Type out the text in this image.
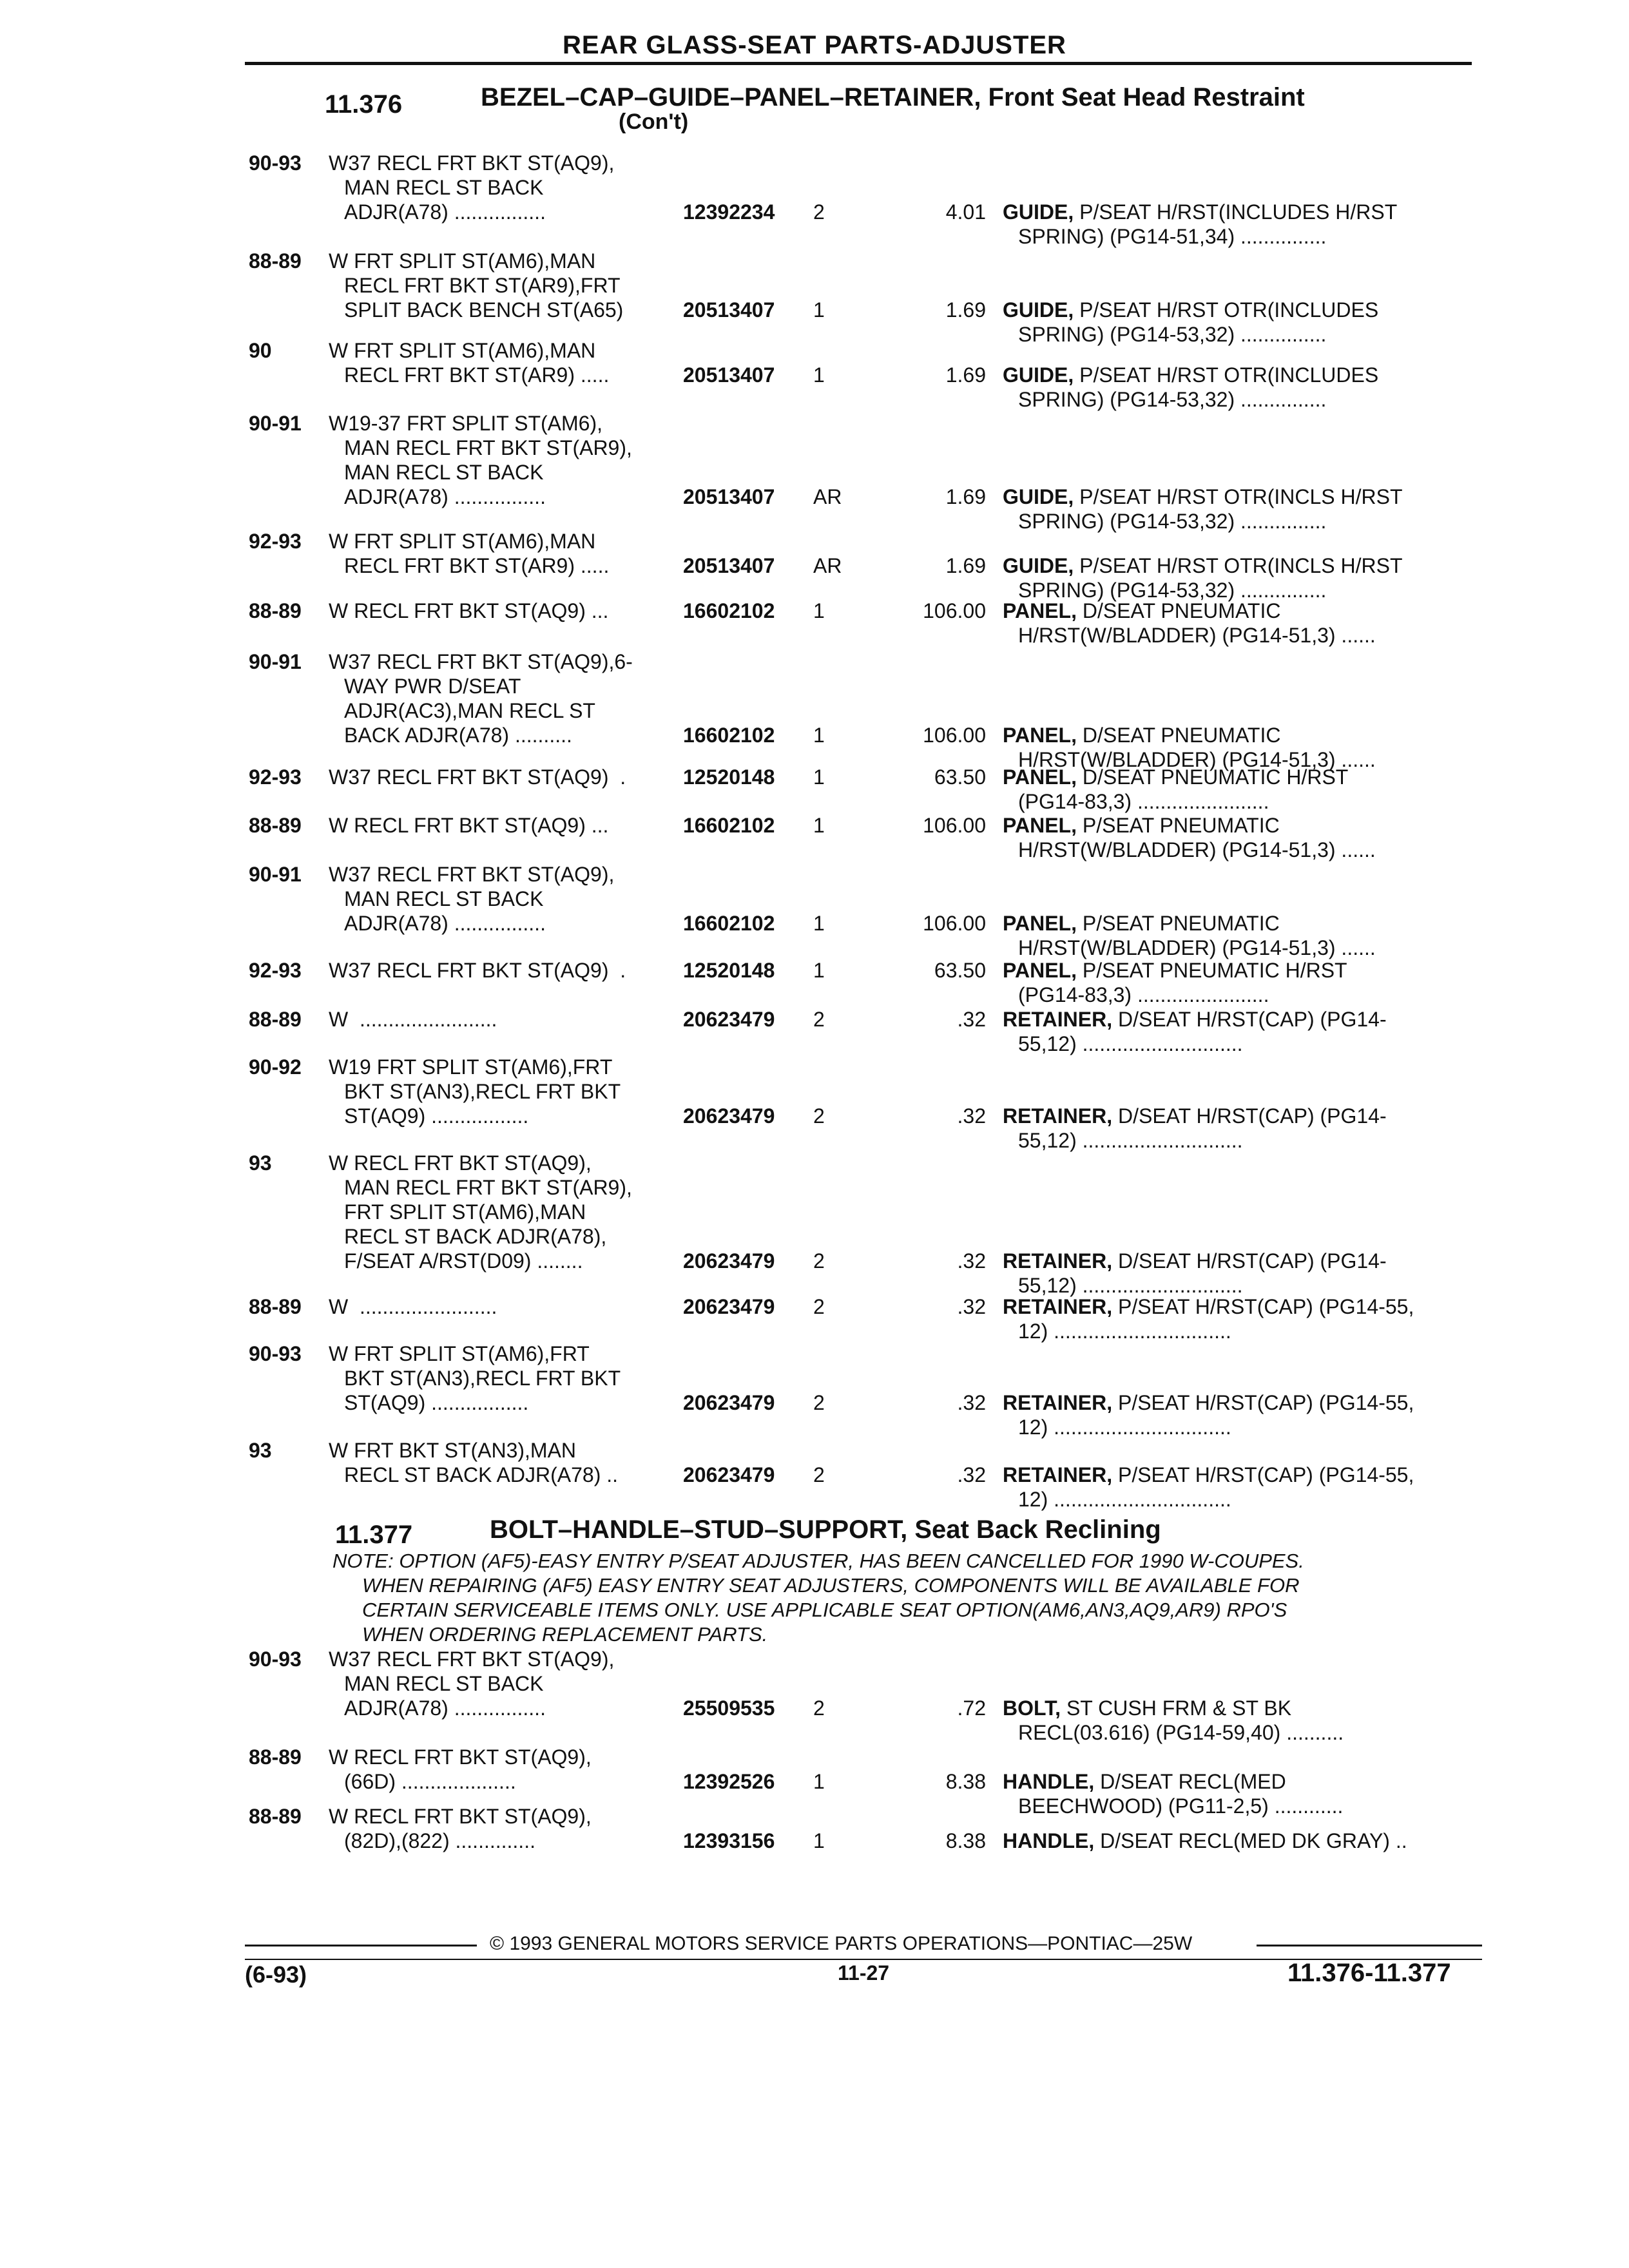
REAR GLASS-SEAT PARTS-ADJUSTER
11.376	BEZEL–CAP–GUIDE–PANEL–RETAINER, Front Seat Head Restraint
(Con't)
90-93 W37 RECL FRT BKT ST(AQ9),
MAN RECL ST BACK
ADJR(A78) ................	12392234	2	4.01 GUIDE, P/SEAT H/RST(INCLUDES H/RST
SPRING) (PG14-51,34) ...............
88-89 W FRT SPLIT ST(AM6),MAN
RECL FRT BKT ST(AR9),FRT
SPLIT BACK BENCH ST(A65)	20513407	1	1.69 GUIDE, P/SEAT H/RST OTR(INCLUDES
SPRING) (PG14-53,32) ...............
90	W FRT SPLIT ST(AM6),MAN
RECL FRT BKT ST(AR9) .....	20513407	1	1.69 GUIDE, P/SEAT H/RST OTR(INCLUDES
SPRING) (PG14-53,32) ...............
90-91 W19-37 FRT SPLIT ST(AM6),
MAN RECL FRT BKT ST(AR9),
MAN RECL ST BACK
ADJR(A78) ................	20513407	AR	1.69 GUIDE, P/SEAT H/RST OTR(INCLS H/RST
SPRING) (PG14-53,32) ...............
92-93 W FRT SPLIT ST(AM6),MAN
RECL FRT BKT ST(AR9) .....	20513407	AR	1.69 GUIDE, P/SEAT H/RST OTR(INCLS H/RST
SPRING) (PG14-53,32) ...............
88-89 W RECL FRT BKT ST(AQ9) ...	16602102	1	106.00 PANEL, D/SEAT PNEUMATIC
H/RST(W/BLADDER) (PG14-51,3) ......
90-91 W37 RECL FRT BKT ST(AQ9),6-
WAY PWR D/SEAT
ADJR(AC3),MAN RECL ST
BACK ADJR(A78) ..........	16602102	1	106.00 PANEL, D/SEAT PNEUMATIC
H/RST(W/BLADDER) (PG14-51,3) ......
92-93 W37 RECL FRT BKT ST(AQ9)  .	12520148	1	63.50 PANEL, D/SEAT PNEUMATIC H/RST
(PG14-83,3) .......................
88-89 W RECL FRT BKT ST(AQ9) ...	16602102	1	106.00 PANEL, P/SEAT PNEUMATIC
H/RST(W/BLADDER) (PG14-51,3) ......
90-91 W37 RECL FRT BKT ST(AQ9),
MAN RECL ST BACK
ADJR(A78) ................	16602102	1	106.00 PANEL, P/SEAT PNEUMATIC
H/RST(W/BLADDER) (PG14-51,3) ......
92-93 W37 RECL FRT BKT ST(AQ9)  .	12520148	1	63.50 PANEL, P/SEAT PNEUMATIC H/RST
(PG14-83,3) .......................
88-89 W  ........................	20623479	2	.32 RETAINER, D/SEAT H/RST(CAP) (PG14-
55,12) ............................
90-92 W19 FRT SPLIT ST(AM6),FRT
BKT ST(AN3),RECL FRT BKT
ST(AQ9) .................	20623479	2	.32 RETAINER, D/SEAT H/RST(CAP) (PG14-
55,12) ............................
93	W RECL FRT BKT ST(AQ9),
MAN RECL FRT BKT ST(AR9),
FRT SPLIT ST(AM6),MAN
RECL ST BACK ADJR(A78),
F/SEAT A/RST(D09) ........	20623479	2	.32 RETAINER, D/SEAT H/RST(CAP) (PG14-
55,12) ............................
88-89 W  ........................	20623479	2	.32 RETAINER, P/SEAT H/RST(CAP) (PG14-55,
12) ...............................
90-93 W FRT SPLIT ST(AM6),FRT
BKT ST(AN3),RECL FRT BKT
ST(AQ9) .................	20623479	2	.32 RETAINER, P/SEAT H/RST(CAP) (PG14-55,
12) ...............................
93	W FRT BKT ST(AN3),MAN
RECL ST BACK ADJR(A78) ..	20623479	2	.32 RETAINER, P/SEAT H/RST(CAP) (PG14-55,
12) ...............................
11.377	BOLT–HANDLE–STUD–SUPPORT, Seat Back Reclining
NOTE: OPTION (AF5)-EASY ENTRY P/SEAT ADJUSTER, HAS BEEN CANCELLED FOR 1990 W-COUPES.
WHEN REPAIRING (AF5) EASY ENTRY SEAT ADJUSTERS, COMPONENTS WILL BE AVAILABLE FOR
CERTAIN SERVICEABLE ITEMS ONLY. USE APPLICABLE SEAT OPTION(AM6,AN3,AQ9,AR9) RPO'S
WHEN ORDERING REPLACEMENT PARTS.
90-93 W37 RECL FRT BKT ST(AQ9),
MAN RECL ST BACK
ADJR(A78) ................	25509535	2	.72 BOLT, ST CUSH FRM & ST BK
RECL(03.616) (PG14-59,40) ..........
88-89 W RECL FRT BKT ST(AQ9),
(66D) ....................	12392526	1	8.38 HANDLE, D/SEAT RECL(MED
BEECHWOOD) (PG11-2,5) ............
88-89 W RECL FRT BKT ST(AQ9),
(82D),(822) ..............	12393156	1	8.38 HANDLE, D/SEAT RECL(MED DK GRAY) ..
© 1993 GENERAL MOTORS SERVICE PARTS OPERATIONS—PONTIAC—25W
(6-93)	11-27	11.376-11.377
